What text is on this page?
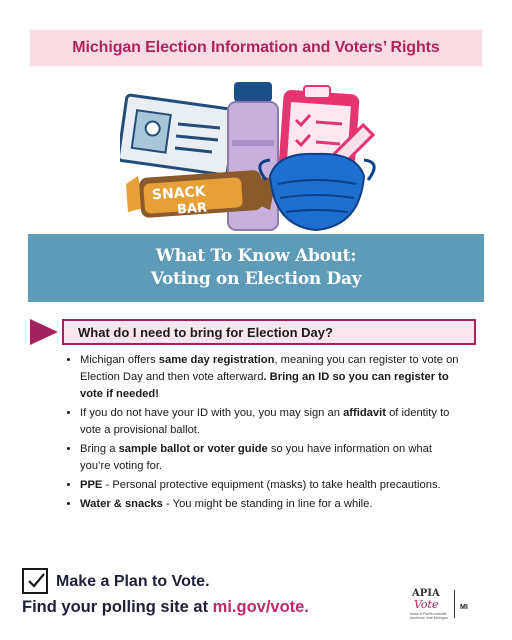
Michigan Election Information and Voters’ Rights
SNACK
BAR
What To Know About:
Voting on Election Day
What do I need to bring for Election Day?
• Michigan offers same day registration, meaning you can register to vote on Election Day and then vote afterward. Bring an ID so you can register to vote if needed!
• If you do not have your ID with you, you may sign an affidavit of identity to vote a provisional ballot.
• Bring a sample ballot or voter guide so you have information on what you’re voting for.
• PPE - Personal protective equipment (masks) to take health precautions.
• Water & snacks - You might be standing in line for a while.
Make a Plan to Vote.
Find your polling site at mi.gov/vote.
APIA
Vote	MI
Asian & Pacific Islander American Vote Michigan
